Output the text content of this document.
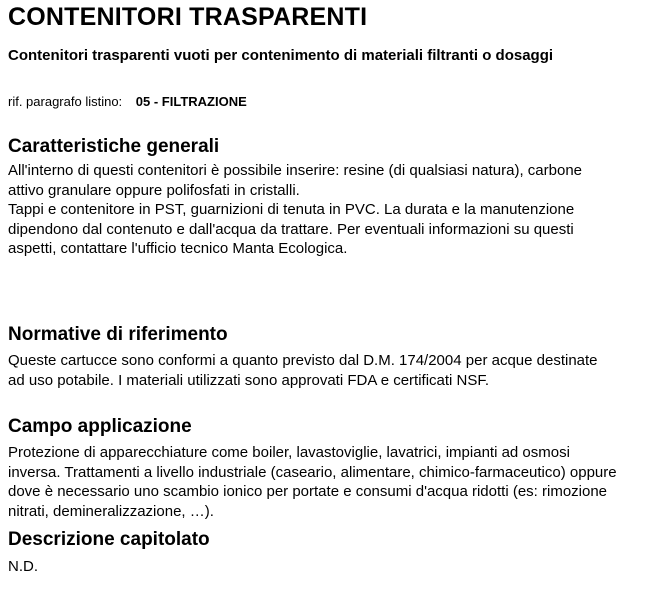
CONTENITORI TRASPARENTI
Contenitori trasparenti vuoti per contenimento di materiali filtranti o dosaggi
rif. paragrafo listino: 05 - FILTRAZIONE
Caratteristiche generali

All'interno di questi contenitori è possibile inserire: resine (di qualsiasi natura), carbone attivo granulare oppure polifosfati in cristalli.

Tappi e contenitore in PST, guarnizioni di tenuta in PVC. La durata e la manutenzione dipendono dal contenuto e dall'acqua da trattare. Per eventuali informazioni su questi aspetti, contattare l'ufficio tecnico Manta Ecologica.

Normative di riferimento

Queste cartucce sono conformi a quanto previsto dal D.M. 174/2004 per acque destinate ad uso potabile. I materiali utilizzati sono approvati FDA e certificati NSF.

Campo applicazione

Protezione di apparecchiature come boiler, lavastoviglie, lavatrici, impianti ad osmosi inversa. Trattamenti a livello industriale (caseario, alimentare, chimico-farmaceutico) oppure dove è necessario uno scambio ionico per portate e consumi d'acqua ridotti (es: rimozione nitrati, demineralizzazione, …).

Descrizione capitolato

N.D.
